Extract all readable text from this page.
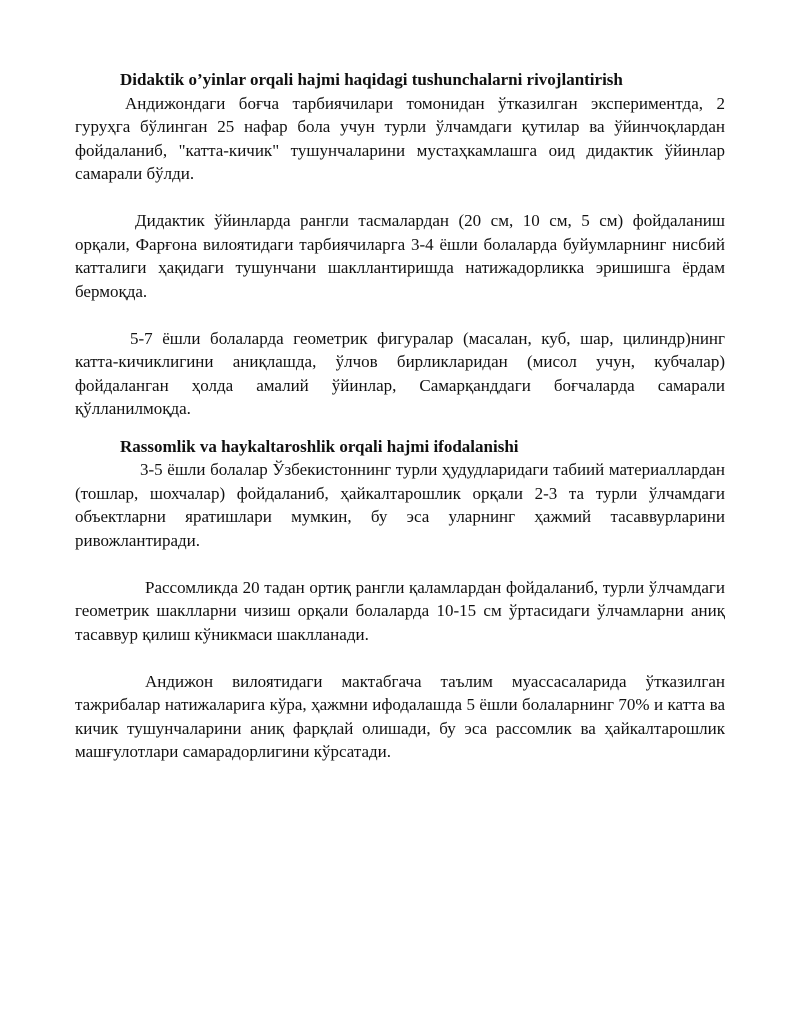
Didaktik o’yinlar orqali hajmi haqidagi tushunchalarni rivojlantirish

Андижондаги боғча тарбиячилари томонидан ўтказилган экспериментда, 2 гуруҳга бўлинган 25 нафар бола учун турли ўлчамдаги қутилар ва ўйинчоқлардан фойдаланиб, "катта-кичик" тушунчаларини мустаҳкамлашга оид дидактик ўйинлар самарали бўлди.

Дидактик ўйинларда рангли тасмалардан (20 см, 10 см, 5 см) фойдаланиш орқали, Фарғона вилоятидаги тарбиячиларга 3-4 ёшли болаларда буйумларнинг нисбий катталиги ҳақидаги тушунчани шакллантиришда натижадорликка эришишга ёрдам бермоқда.

5-7 ёшли болаларда геометрик фигуралар (масалан, куб, шар, цилиндр)нинг катта-кичиклигини аниқлашда, ўлчов бирликларидан (мисол учун, кубчалар) фойдаланган ҳолда амалий ўйинлар, Самарқанддаги боғчаларда самарали қўлланилмоқда.

Rassomlik va haykaltaroshlik orqali hajmi ifodalanishi

3-5 ёшли болалар Ўзбекистоннинг турли ҳудудларидаги табиий материаллардан (тошлар, шохчалар) фойдаланиб, ҳайкалтарошлик орқали 2-3 та турли ўлчамдаги объектларни яратишлари мумкин, бу эса уларнинг ҳажмий тасаввурларини ривожлантиради.

Рассомликда 20 тадан ортиқ рангли қаламлардан фойдаланиб, турли ўлчамдаги геометрик шаклларни чизиш орқали болаларда 10-15 см ўртасидаги ўлчамларни аниқ тасаввур қилиш кўникмаси шаклланади.

Андижон вилоятидаги мактабгача таълим муассасаларида ўтказилган тажрибалар натижаларига кўра, ҳажмни ифодалашда 5 ёшли болаларнинг 70% и катта ва кичик тушунчаларини аниқ фарқлай олишади, бу эса рассомлик ва ҳайкалтарошлик машғулотлари самарадорлигини кўрсатади.
